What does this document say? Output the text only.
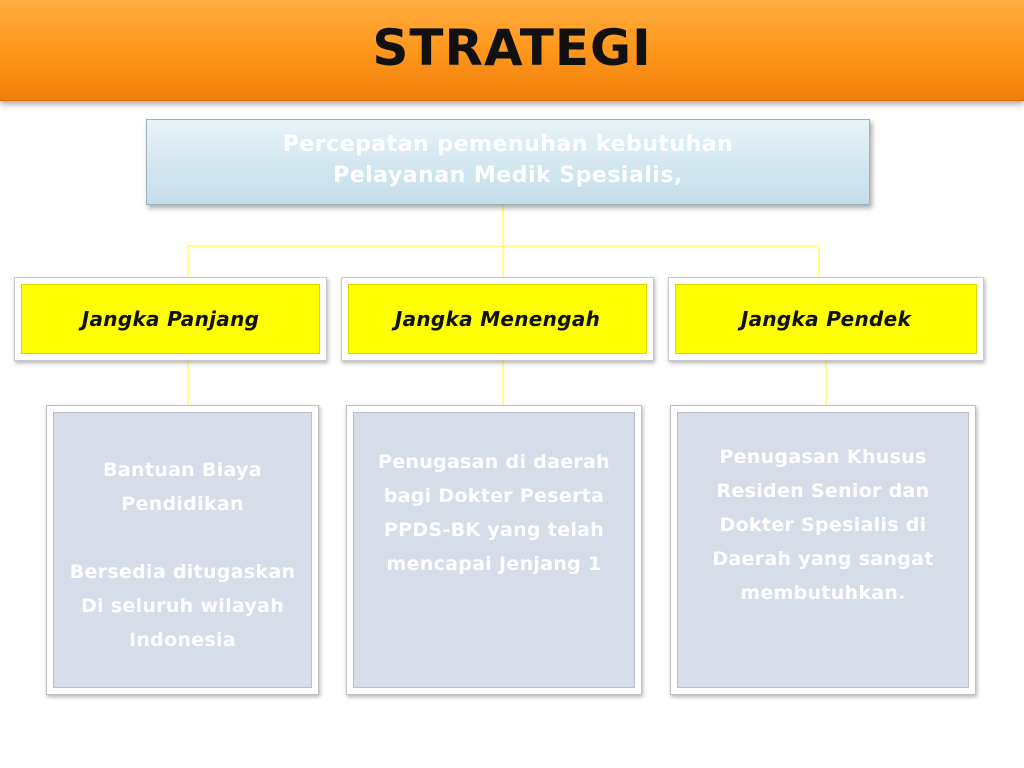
STRATEGI
Percepatan pemenuhan kebutuhan
Pelayanan Medik Spesialis,
Jangka Panjang	Jangka Menengah	Jangka Pendek
Bantuan Biaya
Pendidikan
Bersedia ditugaskan
Di seluruh wilayah
Indonesia
Penugasan di daerah
bagi Dokter Peserta
PPDS-BK yang telah
mencapai Jenjang 1
Penugasan Khusus
Residen Senior dan
Dokter Spesialis di
Daerah yang sangat
membutuhkan.
